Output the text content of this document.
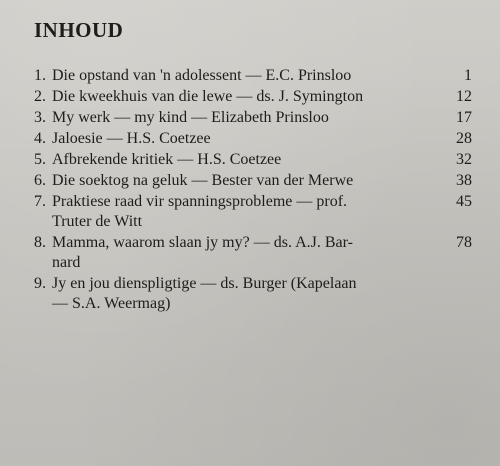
INHOUD
1. Die opstand van 'n adolessent — E.C. Prinsloo	1
2. Die kweekhuis van die lewe — ds. J. Symington	12
3. My werk — my kind — Elizabeth Prinsloo	17
4. Jaloesie — H.S. Coetzee	28
5. Afbrekende kritiek — H.S. Coetzee	32
6. Die soektog na geluk — Bester van der Merwe	38
7. Praktiese raad vir spanningsprobleme — prof.	45
Truter de Witt
8. Mamma, waarom slaan jy my? — ds. A.J. Bar-	78
nard
9. Jy en jou dienspligtige — ds. Burger (Kapelaan
— S.A. Weermag)
